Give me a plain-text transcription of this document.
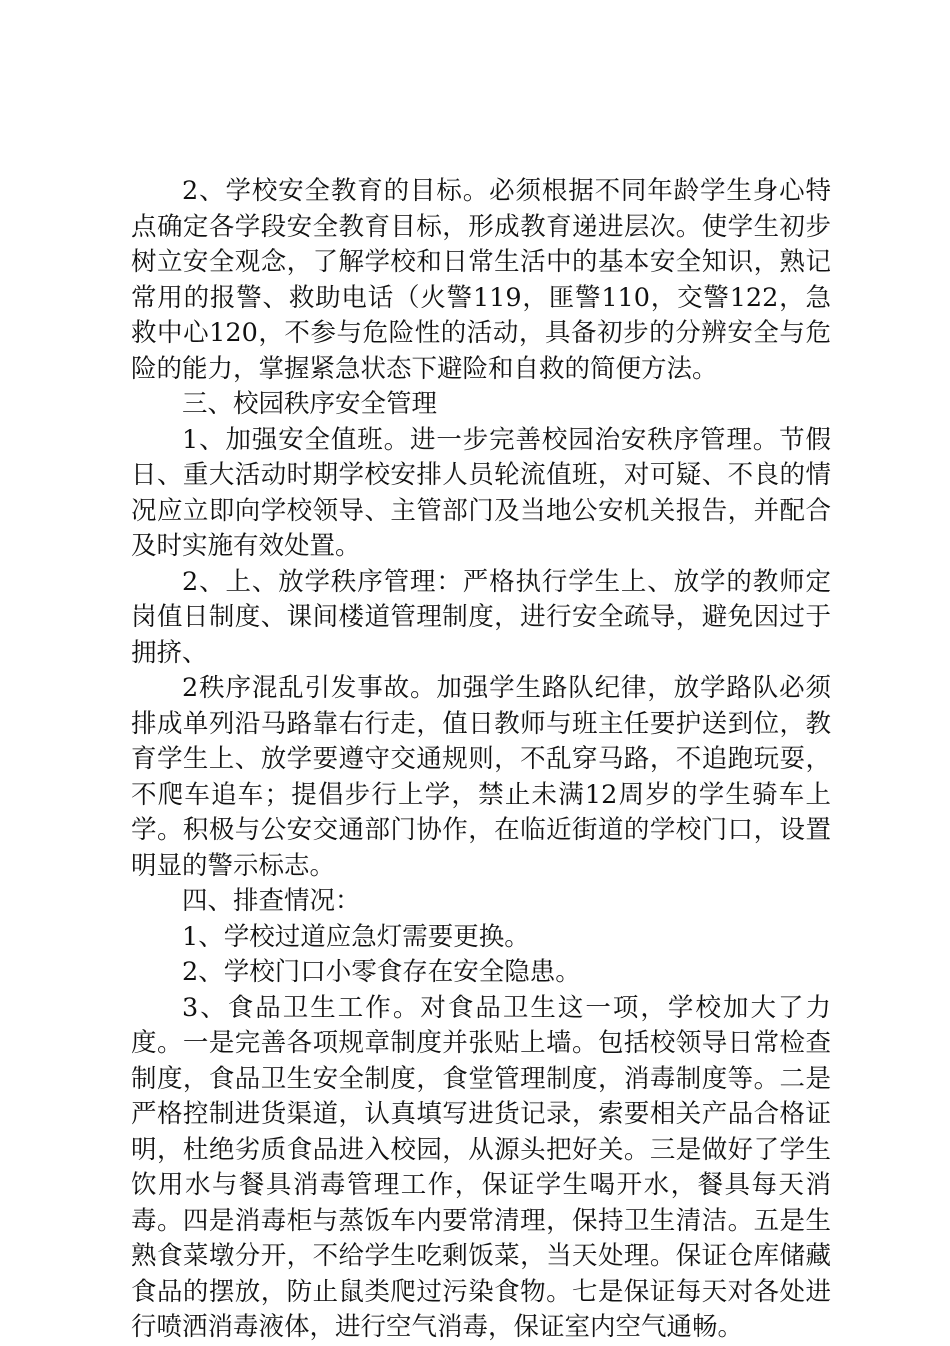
2、学校安全教育的目标。必须根据不同年龄学生身心特点确定各学段安全教育目标，形成教育递进层次。使学生初步树立安全观念，了解学校和日常生活中的基本安全知识，熟记常用的报警、救助电话（火警119，匪警110，交警122，急救中心120，不参与危险性的活动，具备初步的分辨安全与危险的能力，掌握紧急状态下避险和自救的简便方法。

三、校园秩序安全管理

1、加强安全值班。进一步完善校园治安秩序管理。节假日、重大活动时期学校安排人员轮流值班，对可疑、不良的情况应立即向学校领导、主管部门及当地公安机关报告，并配合及时实施有效处置。

2、上、放学秩序管理：严格执行学生上、放学的教师定岗值日制度、课间楼道管理制度，进行安全疏导，避免因过于拥挤、

2秩序混乱引发事故。加强学生路队纪律，放学路队必须排成单列沿马路靠右行走，值日教师与班主任要护送到位，教育学生上、放学要遵守交通规则，不乱穿马路，不追跑玩耍，不爬车追车；提倡步行上学，禁止未满12周岁的学生骑车上学。积极与公安交通部门协作，在临近街道的学校门口，设置明显的警示标志。

四、排查情况：

1、学校过道应急灯需要更换。

2、学校门口小零食存在安全隐患。

3、食品卫生工作。对食品卫生这一项，学校加大了力度。一是完善各项规章制度并张贴上墙。包括校领导日常检查制度，食品卫生安全制度，食堂管理制度，消毒制度等。二是严格控制进货渠道，认真填写进货记录，索要相关产品合格证明，杜绝劣质食品进入校园，从源头把好关。三是做好了学生饮用水与餐具消毒管理工作，保证学生喝开水，餐具每天消毒。四是消毒柜与蒸饭车内要常清理，保持卫生清洁。五是生熟食菜墩分开，不给学生吃剩饭菜，当天处理。保证仓库储藏食品的摆放，防止鼠类爬过污染食物。七是保证每天对各处进行喷洒消毒液体，进行空气消毒，保证室内空气通畅。
